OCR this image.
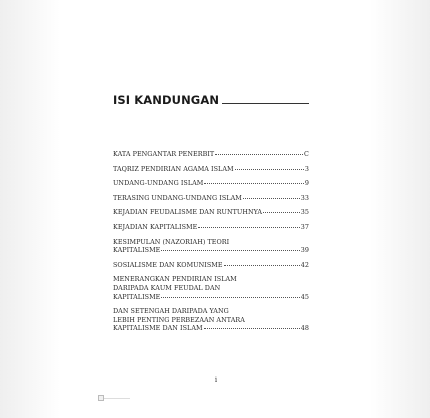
ISI KANDUNGAN
KATA PENGANTAR PENERBIT	C
TAQRIZ PENDIRIAN AGAMA ISLAM	3
UNDANG-UNDANG ISLAM	9
TERASING UNDANG-UNDANG ISLAM	33
KEJADIAN FEUDALISME DAN RUNTUHNYA	35
KEJADIAN KAPITALISME	37
KESIMPULAN (NAZORIAH) TEORI
KAPITALISME	39
SOSIALISME DAN KOMUNISME	42
MENERANGKAN PENDIRIAN ISLAM
DARIPADA KAUM FEUDAL DAN
KAPITALISME	45
DAN SETENGAH DARIPADA YANG
LEBIH PENTING PERBEZAAN ANTARA
KAPITALISME DAN ISLAM	48
i
